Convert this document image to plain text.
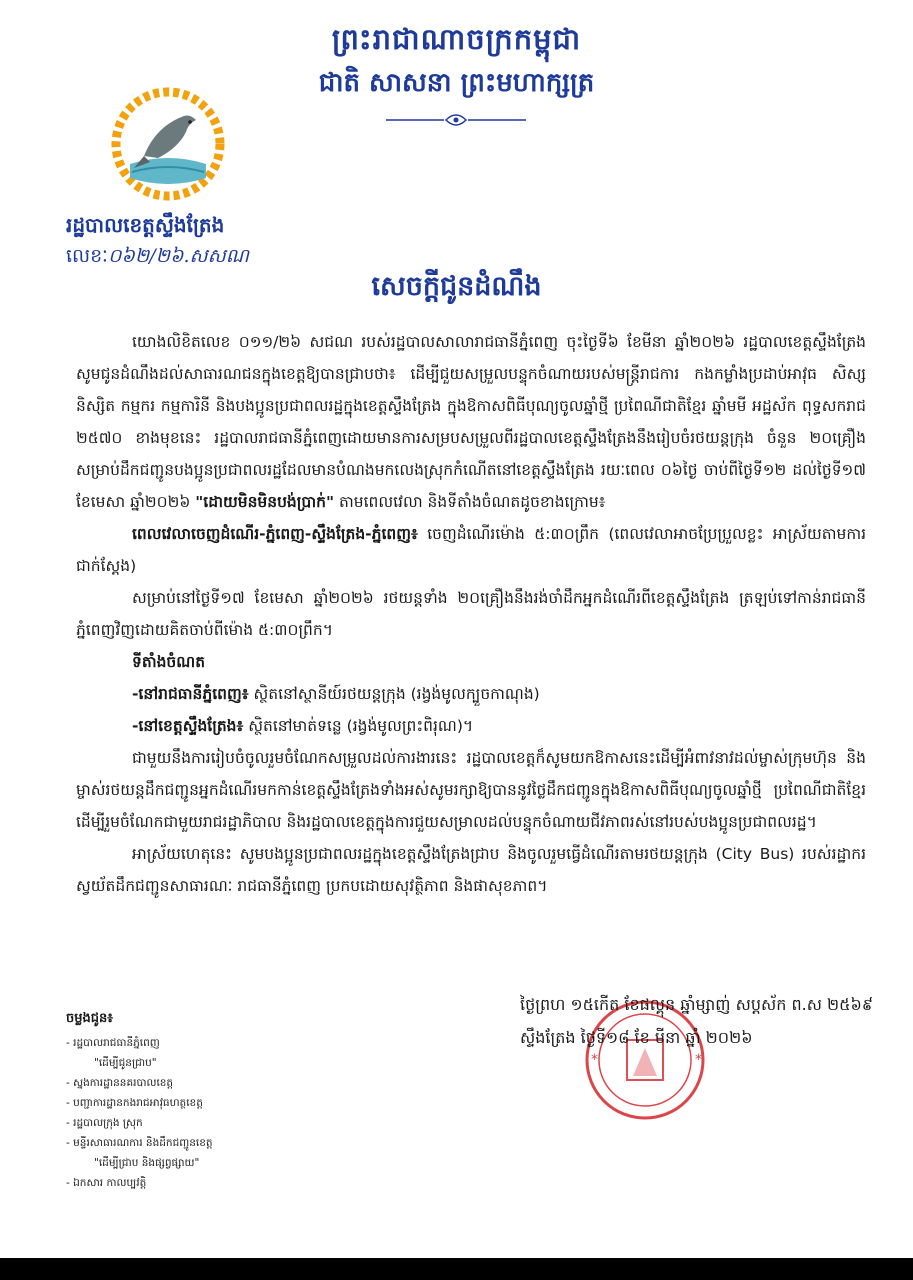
ព្រះរាជាណាចក្រកម្ពុជា
ជាតិ សាសនា ព្រះមហាក្សត្រ
រដ្ឋបាលខេត្តស្ទឹងត្រែង
លេខៈ០៦២/២៦.សសណ
សេចក្ដីជូនដំណឹង

យោងលិខិតលេខ ០១១/២៦ សជណ របស់រដ្ឋបាលសាលារាជធានីភ្នំពេញ ចុះថ្ងៃទី៦ ខែមីនា ឆ្នាំ២០២៦ រដ្ឋបាលខេត្តស្ទឹងត្រែង សូមជូនដំណឹងដល់សាធារណជនក្នុងខេត្តឱ្យបានជ្រាបថា៖ ដើម្បីជួយសម្រួលបន្ទុកចំណាយរបស់មន្ត្រីរាជការ កងកម្លាំងប្រដាប់អាវុធ សិស្ស និស្សិត កម្មករ កម្មការិនី និងបងប្អូនប្រជាពលរដ្ឋក្នុងខេត្តស្ទឹងត្រែង ក្នុងឱកាសពិធីបុណ្យចូលឆ្នាំថ្មី ប្រពៃណីជាតិខ្មែរ ឆ្នាំមមី អដ្ឋស័ក ពុទ្ធសករាជ ២៥៧០ ខាងមុខនេះ រដ្ឋបាលរាជធានីភ្នំពេញដោយមានការសម្របសម្រួលពីរដ្ឋបាលខេត្តស្ទឹងត្រែងនឹងរៀបចំរថយន្តក្រុង ចំនួន ២០គ្រឿងសម្រាប់ដឹកជញ្ជូនបងប្អូនប្រជាពលរដ្ឋដែលមានបំណងមកលេងស្រុកកំណើតនៅខេត្តស្ទឹងត្រែង រយៈពេល ០៦ថ្ងៃ ចាប់ពីថ្ងៃទី១២ ដល់ថ្ងៃទី១៧ ខែមេសា ឆ្នាំ២០២៦ "ដោយមិនមិនបង់ប្រាក់" តាមពេលវេលា និងទីតាំងចំណតដូចខាងក្រោម៖

ពេលវេលាចេញដំណើរ-ភ្នំពេញ-ស្ទឹងត្រែង-ភ្នំពេញ៖ ចេញដំណើរម៉ោង ៥:៣០ព្រឹក (ពេលវេលាអាចប្រែប្រួលខ្លះ អាស្រ័យតាមការជាក់ស្តែង)

សម្រាប់នៅថ្ងៃទី១៧ ខែមេសា ឆ្នាំ២០២៦ រថយន្តទាំង ២០គ្រឿងនឹងរង់ចាំដឹកអ្នកដំណើរពីខេត្តស្ទឹងត្រែង ត្រឡប់ទៅកាន់រាជធានីភ្នំពេញវិញដោយគិតចាប់ពីម៉ោង ៥:៣០ព្រឹក។

ទីតាំងចំណត

-នៅរាជធានីភ្នំពេញ៖ ស្ថិតនៅស្ថានីយ៍រថយន្តក្រុង (រង្វង់មូលក្បួចកាណុង)

-នៅខេត្តស្ទឹងត្រែង៖ ស្ថិតនៅមាត់ទន្លេ (រង្វង់មូលព្រះពិរុណ)។

ជាមួយនឹងការរៀបចំចូលរួមចំណែកសម្រួលដល់ការងារនេះ រដ្ឋបាលខេត្តក៏សូមយកឱកាសនេះដើម្បីអំពាវនាវដល់ម្ចាស់ក្រុមហ៊ុន និងម្ចាស់រថយន្តដឹកជញ្ជូនអ្នកដំណើរមកកាន់ខេត្តស្ទឹងត្រែងទាំងអស់សូមរក្សាឱ្យបាននូវថ្លៃដឹកជញ្ជូនក្នុងឱកាសពិធីបុណ្យចូលឆ្នាំថ្មី ប្រពៃណីជាតិខ្មែរ ដើម្បីរួមចំណែកជាមួយរាជរដ្ឋាភិបាល និងរដ្ឋបាលខេត្តក្នុងការជួយសម្រាលដល់បន្ទុកចំណាយជីវភាពរស់នៅរបស់បងប្អូនប្រជាពលរដ្ឋ។

អាស្រ័យហេតុនេះ សូមបងប្អូនប្រជាពលរដ្ឋក្នុងខេត្តស្ទឹងត្រែងជ្រាប និងចូលរួមធ្វើដំណើរតាមរថយន្តក្រុង (City Bus) របស់រដ្ឋាករស្វយ័តដឹកជញ្ជូនសាធារណៈ រាជធានីភ្នំពេញ ប្រកបដោយសុវត្ថិភាព និងផាសុខភាព។

*	*
ថ្ងៃព្រហ ១៥កើត ខែផល្គុន ឆ្នាំម្សាញ់ សប្តស័ក ព.ស ២៥៦៩
ស្ទឹងត្រែង ថ្ងៃទី១៨ ខែ មីនា ឆ្នាំ ២០២៦
ចម្លងជូន៖
- រដ្ឋបាលរាជធានីភ្នំពេញ
"ដើម្បីជូនជ្រាប"
- ស្នងការដ្ឋាននគរបាលខេត្ត
- បញ្ជាការដ្ឋានកងរាជអាវុធហត្ថខេត្ត
- រដ្ឋបាលក្រុង ស្រុក
- មន្ទីរសាធារណការ និងដឹកជញ្ជូនខេត្ត
"ដើម្បីជ្រាប និងផ្សព្វផ្សាយ"
- ឯកសារ កាលប្បវត្តិ
